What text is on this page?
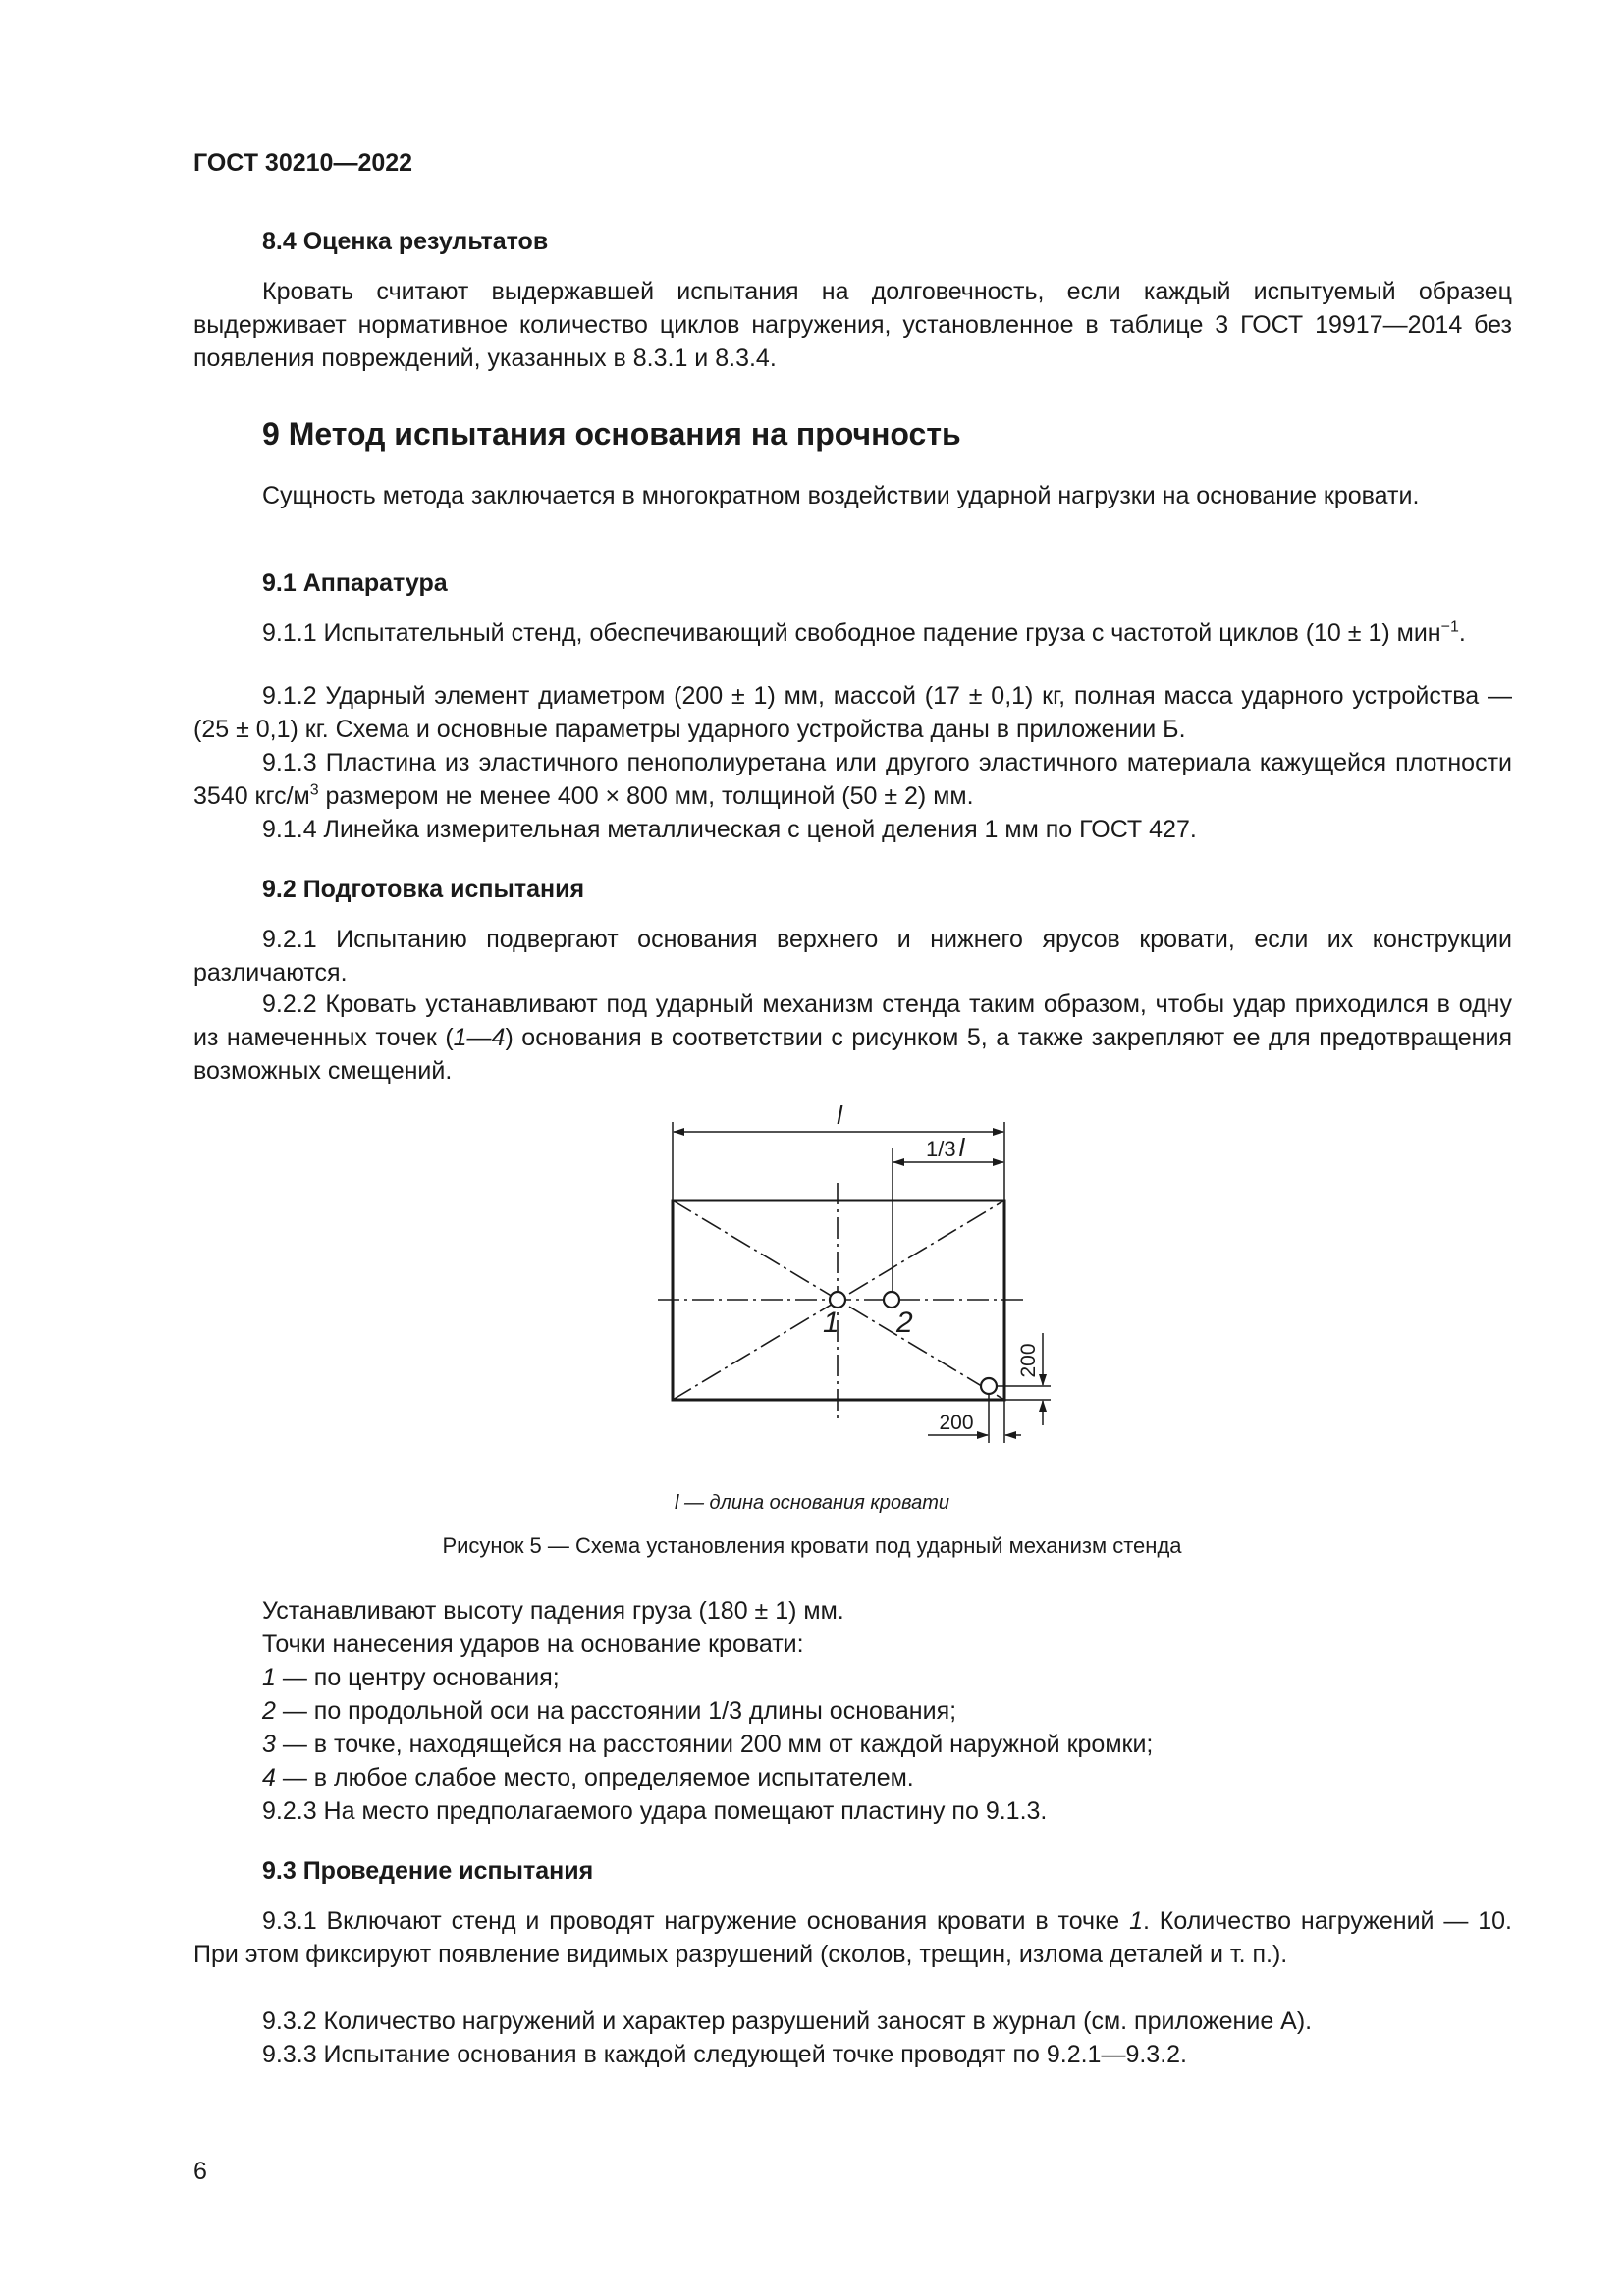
ГОСТ 30210—2022
8.4 Оценка результатов
Кровать считают выдержавшей испытания на долговечность, если каждый испытуемый образец выдерживает нормативное количество циклов нагружения, установленное в таблице 3 ГОСТ 19917—2014 без появления повреждений, указанных в 8.3.1 и 8.3.4.
9 Метод испытания основания на прочность
Сущность метода заключается в многократном воздействии ударной нагрузки на основание кровати.
9.1 Аппаратура
9.1.1 Испытательный стенд, обеспечивающий свободное падение груза с частотой циклов (10 ± 1) мин$^{-1}$.
9.1.2 Ударный элемент диаметром (200 ± 1) мм, массой (17 ± 0,1) кг, полная масса ударного устройства — (25 ± 0,1) кг. Схема и основные параметры ударного устройства даны в приложении Б.
9.1.3 Пластина из эластичного пенополиуретана или другого эластичного материала кажущейся плотности 3540 кгс/$м^3$ размером не менее 400 × 800 мм, толщиной (50 ± 2) мм.
9.1.4 Линейка измерительная металлическая с ценой деления 1 мм по ГОСТ 427.
9.2 Подготовка испытания
9.2.1 Испытанию подвергают основания верхнего и нижнего ярусов кровати, если их конструкции различаются.
9.2.2 Кровать устанавливают под ударный механизм стенда таким образом, чтобы удар приходился в одну из намеченных точек (1—4) основания в соответствии с рисунком 5, а также закрепляют ее для предотвращения возможных смещений.
l
1/3 l
1 2
200
200
l — длина основания кровати
Рисунок 5 — Схема установления кровати под ударный механизм стенда
Устанавливают высоту падения груза (180 ± 1) мм.
Точки нанесения ударов на основание кровати:
1 — по центру основания;
2 — по продольной оси на расстоянии 1/3 длины основания;
3 — в точке, находящейся на расстоянии 200 мм от каждой наружной кромки;
4 — в любое слабое место, определяемое испытателем.
9.2.3 На место предполагаемого удара помещают пластину по 9.1.3.
9.3 Проведение испытания
9.3.1 Включают стенд и проводят нагружение основания кровати в точке 1. Количество нагружений — 10. При этом фиксируют появление видимых разрушений (сколов, трещин, излома деталей и т. п.).
9.3.2 Количество нагружений и характер разрушений заносят в журнал (см. приложение А).
9.3.3 Испытание основания в каждой следующей точке проводят по 9.2.1—9.3.2.
6
